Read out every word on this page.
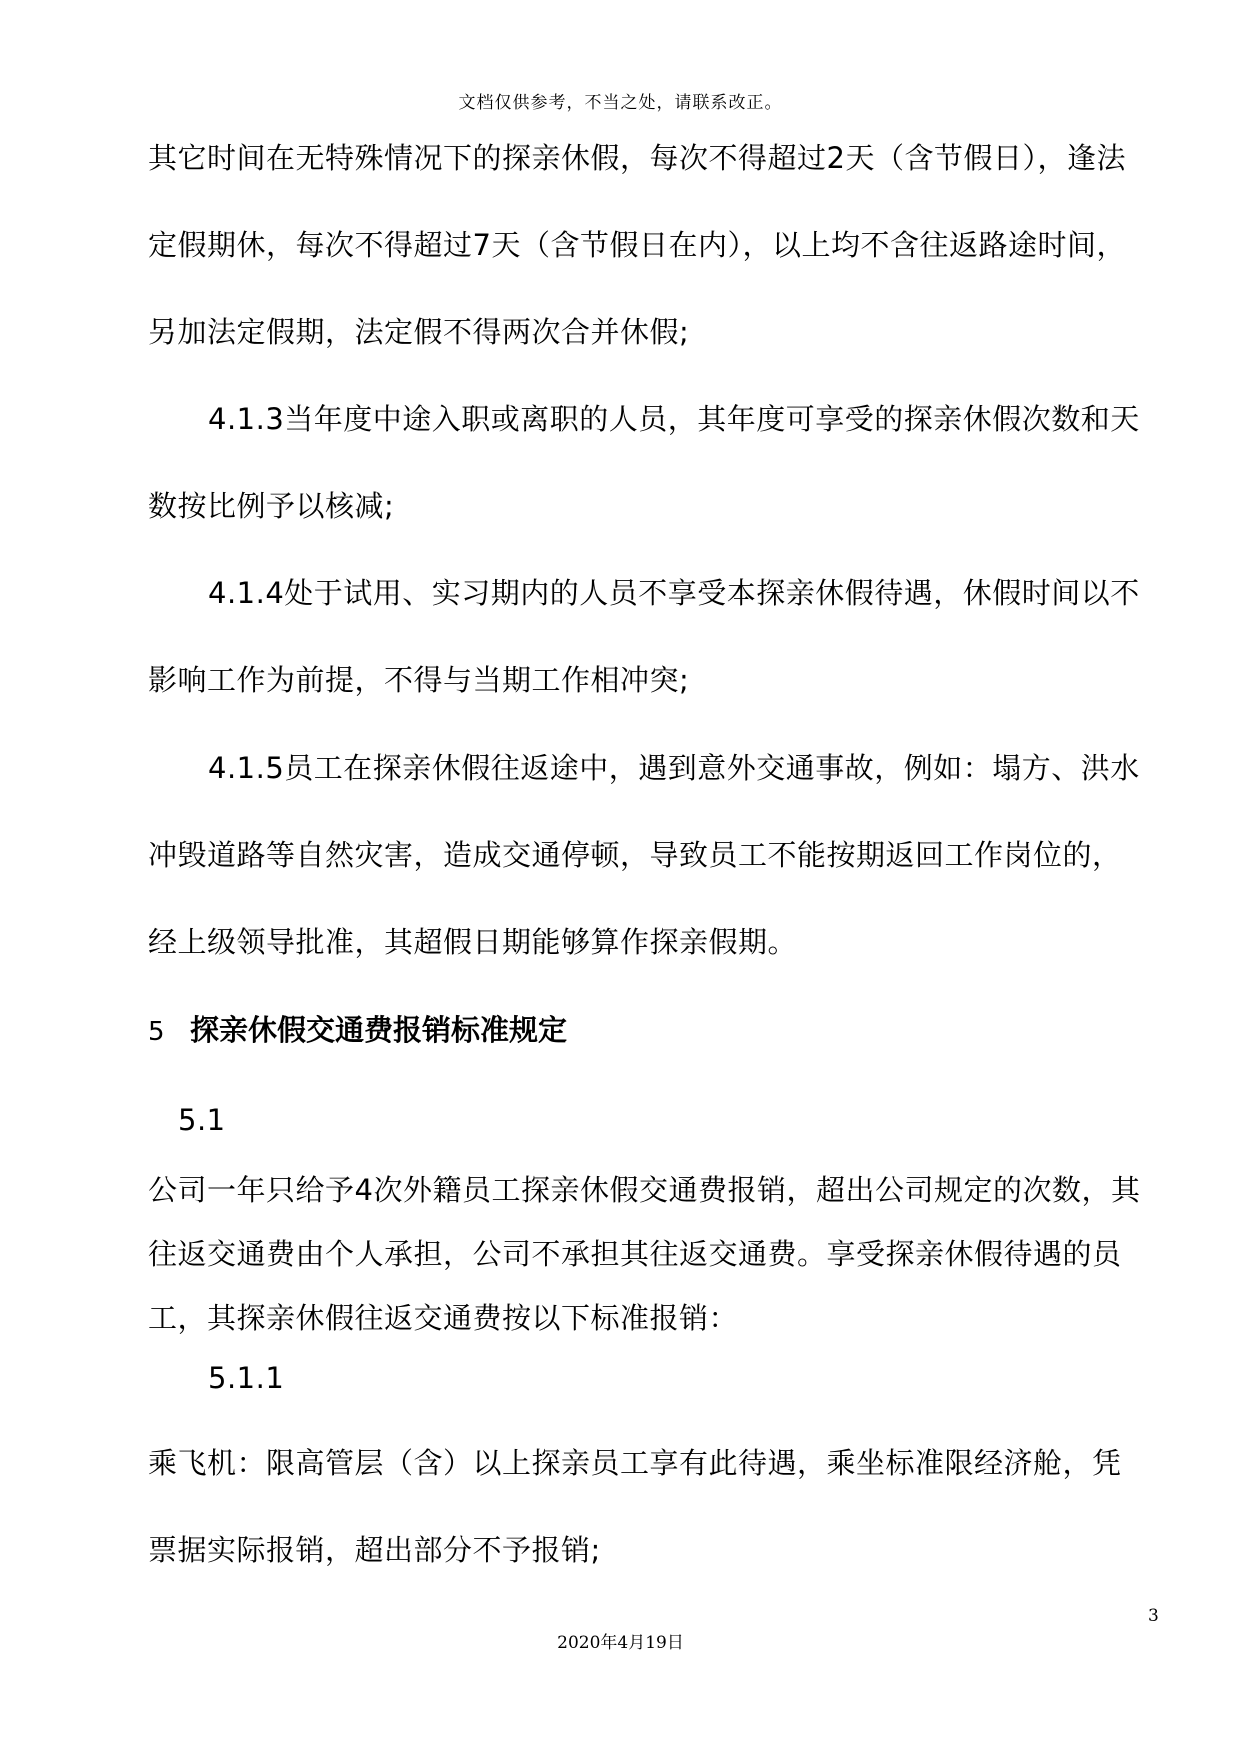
文档仅供参考，不当之处，请联系改正。
其它时间在无特殊情况下的探亲休假，每次不得超过2天（含节假日），逢法
定假期休，每次不得超过7天（含节假日在内），以上均不含往返路途时间，
另加法定假期，法定假不得两次合并休假;
4.1.3当年度中途入职或离职的人员，其年度可享受的探亲休假次数和天
数按比例予以核减;
4.1.4处于试用、实习期内的人员不享受本探亲休假待遇，休假时间以不
影响工作为前提，不得与当期工作相冲突;
4.1.5员工在探亲休假往返途中，遇到意外交通事故，例如：塌方、洪水
冲毁道路等自然灾害，造成交通停顿，导致员工不能按期返回工作岗位的，
经上级领导批准，其超假日期能够算作探亲假期。
5 探亲休假交通费报销标准规定
5.1
公司一年只给予4次外籍员工探亲休假交通费报销，超出公司规定的次数，其
往返交通费由个人承担，公司不承担其往返交通费。享受探亲休假待遇的员
工，其探亲休假往返交通费按以下标准报销：
5.1.1
乘飞机：限高管层（含）以上探亲员工享有此待遇，乘坐标准限经济舱，凭
票据实际报销，超出部分不予报销;
3
2020年4月19日
